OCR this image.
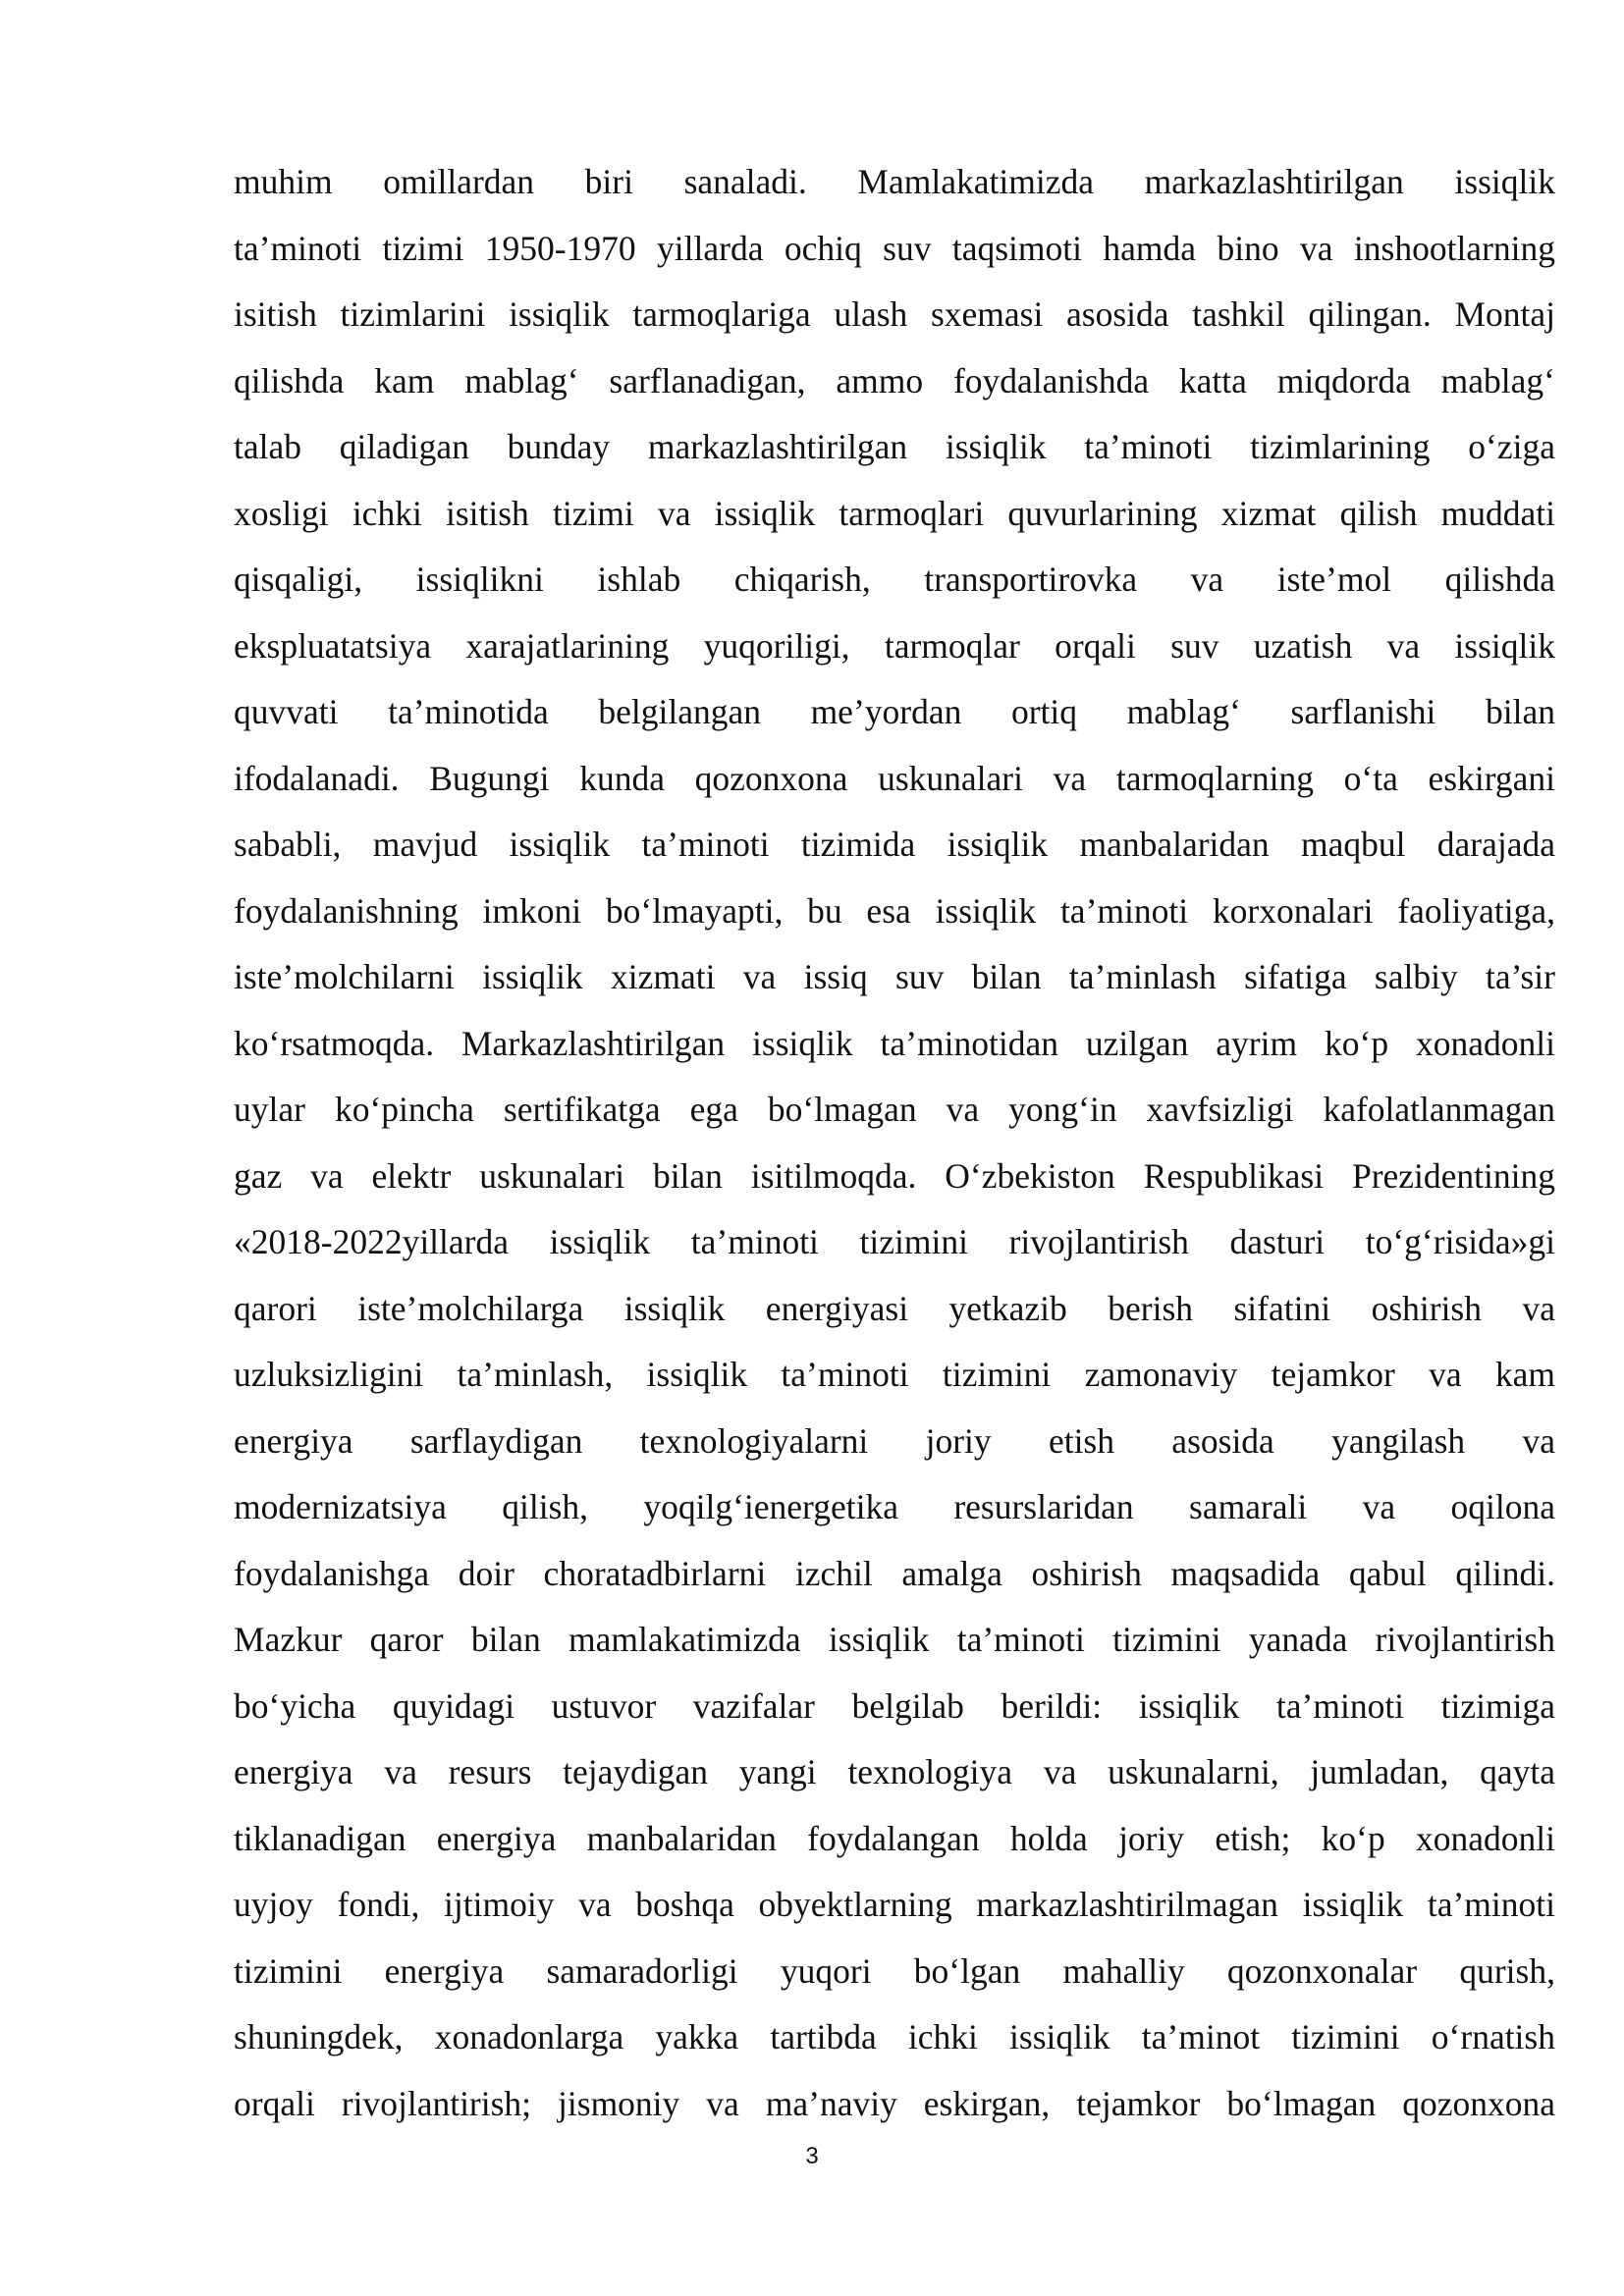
muhim omillardan biri sanaladi. Mamlakatimizda markazlashtirilgan issiqlik
ta’minoti tizimi 1950-1970 yillarda ochiq suv taqsimoti hamda bino va inshootlarning
isitish tizimlarini issiqlik tarmoqlariga ulash sxemasi asosida tashkil qilingan. Montaj
qilishda kam mablag‘ sarflanadigan, ammo foydalanishda katta miqdorda mablag‘
talab qiladigan bunday markazlashtirilgan issiqlik ta’minoti tizimlarining o‘ziga
xosligi ichki isitish tizimi va issiqlik tarmoqlari quvurlarining xizmat qilish muddati
qisqaligi, issiqlikni ishlab chiqarish, transportirovka va iste’mol qilishda
ekspluatatsiya xarajatlarining yuqoriligi, tarmoqlar orqali suv uzatish va issiqlik
quvvati ta’minotida belgilangan me’yordan ortiq mablag‘ sarflanishi bilan
ifodalanadi. Bugungi kunda qozonxona uskunalari va tarmoqlarning o‘ta eskirgani
sababli, mavjud issiqlik ta’minoti tizimida issiqlik manbalaridan maqbul darajada
foydalanishning imkoni bo‘lmayapti, bu esa issiqlik ta’minoti korxonalari faoliyatiga,
iste’molchilarni issiqlik xizmati va issiq suv bilan ta’minlash sifatiga salbiy ta’sir
ko‘rsatmoqda. Markazlashtirilgan issiqlik ta’minotidan uzilgan ayrim ko‘p xonadonli
uylar ko‘pincha sertifikatga ega bo‘lmagan va yong‘in xavfsizligi kafolatlanmagan
gaz va elektr uskunalari bilan isitilmoqda. O‘zbekiston Respublikasi Prezidentining
«2018-2022yillarda issiqlik ta’minoti tizimini rivojlantirish dasturi to‘g‘risida»gi
qarori iste’molchilarga issiqlik energiyasi yetkazib berish sifatini oshirish va
uzluksizligini ta’minlash, issiqlik ta’minoti tizimini zamonaviy tejamkor va kam
energiya sarflaydigan texnologiyalarni joriy etish asosida yangilash va
modernizatsiya qilish, yoqilg‘ienergetika resurslaridan samarali va oqilona
foydalanishga doir choratadbirlarni izchil amalga oshirish maqsadida qabul qilindi.
Mazkur qaror bilan mamlakatimizda issiqlik ta’minoti tizimini yanada rivojlantirish
bo‘yicha quyidagi ustuvor vazifalar belgilab berildi: issiqlik ta’minoti tizimiga
energiya va resurs tejaydigan yangi texnologiya va uskunalarni, jumladan, qayta
tiklanadigan energiya manbalaridan foydalangan holda joriy etish; ko‘p xonadonli
uyjoy fondi, ijtimoiy va boshqa obyektlarning markazlashtirilmagan issiqlik ta’minoti
tizimini energiya samaradorligi yuqori bo‘lgan mahalliy qozonxonalar qurish,
shuningdek, xonadonlarga yakka tartibda ichki issiqlik ta’minot tizimini o‘rnatish
orqali rivojlantirish; jismoniy va ma’naviy eskirgan, tejamkor bo‘lmagan qozonxona
3
